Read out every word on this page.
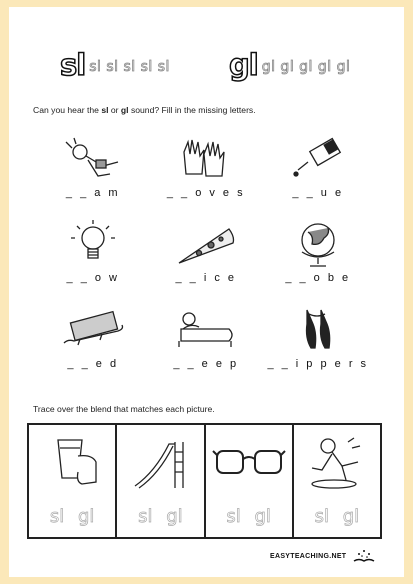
sl sl sl sl sl sl gl gl gl gl gl gl
Can you hear the sl or gl sound? Fill in the missing letters.
_ _ a m	_ _ o v e s	_ _ u e
_ _ o w	_ _ i c e	_ _ o b e
_ _ e d	_ _ e e p	_ _ i p p e r s
Trace over the blend that matches each picture.
sl gl sl gl sl gl sl gl
EASYTEACHING.NET
